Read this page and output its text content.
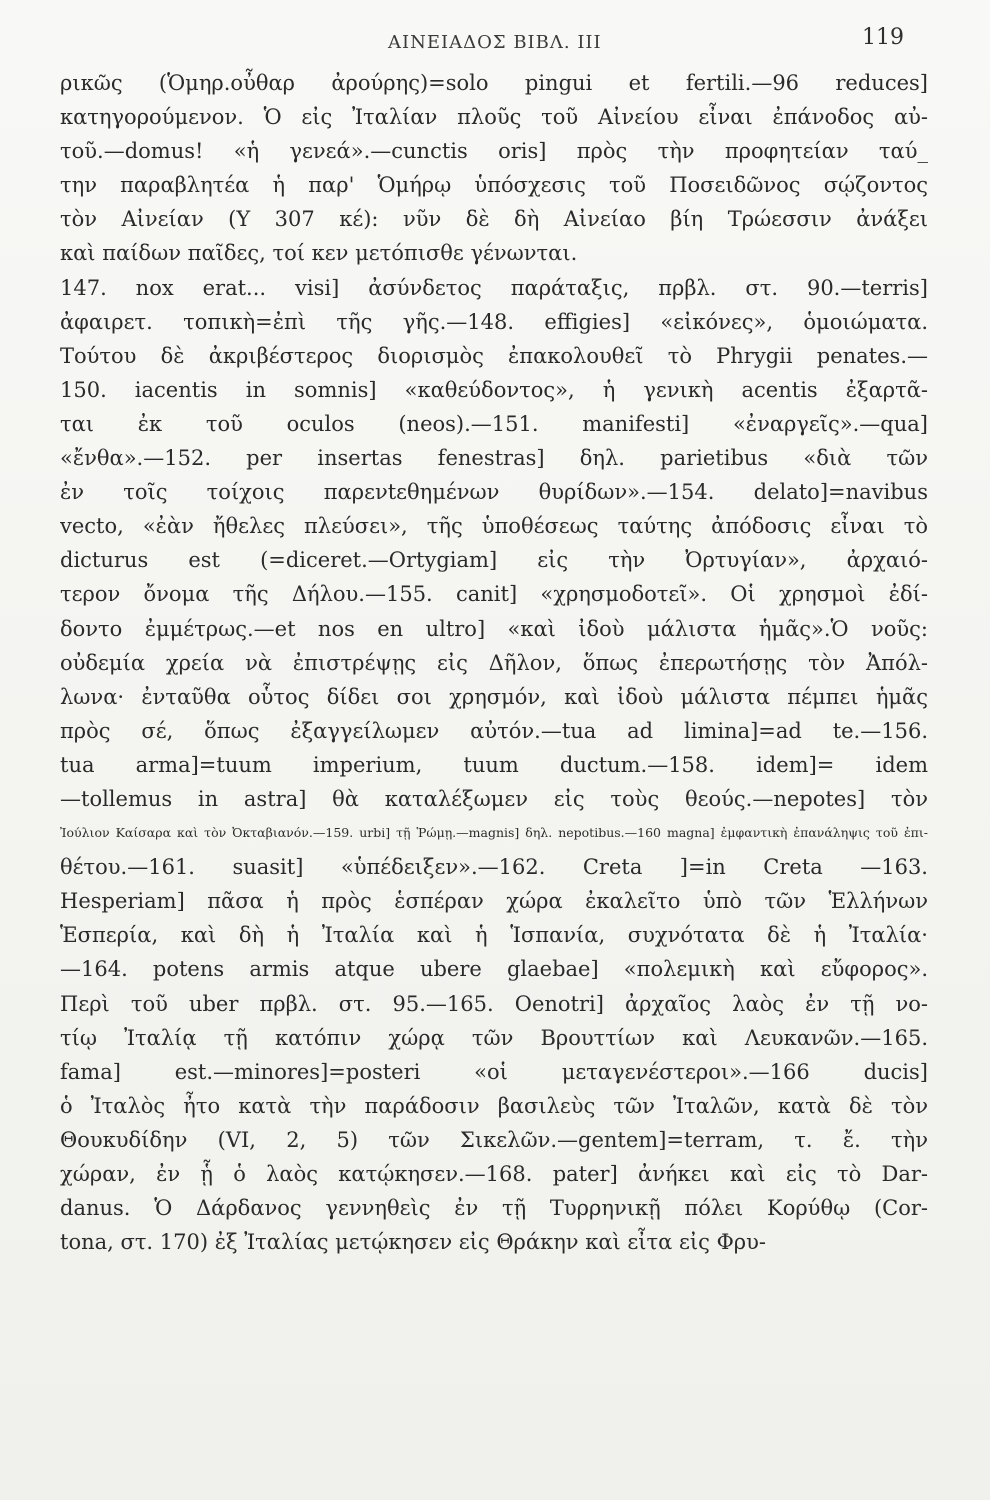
ΑΙΝΕΙΑΔΟΣ ΒΙΒΛ. ΙΙΙ	119
ρικῶς (Ὁμηρ.οὖθαρ ἀρούρης)=solo pingui et fertili.—96 reduces]
κατηγορούμενον. Ὁ εἰς Ἰταλίαν πλοῦς τοῦ Αἰνείου εἶναι ἐπάνοδος αὐ-
τοῦ.—domus! «ἡ γενεά».—cunctis oris] πρὸς τὴν προφητείαν ταύ_
την παραβλητέα ἡ παρ' Ὁμήρῳ ὑπόσχεσις τοῦ Ποσειδῶνος σῴζοντος
τὸν Αἰνείαν (Υ 307 κέ): νῦν δὲ δὴ Αἰνείαο βίη Τρώεσσιν ἀνάξει
καὶ παίδων παῖδες, τοί κεν μετόπισθε γένωνται.
147. nox erat... visi] ἀσύνδετος παράταξις, πρβλ. στ. 90.—terris]
ἀφαιρετ. τοπικὴ=ἐπὶ τῆς γῆς.—148. effigies] «εἰκόνες», ὁμοιώματα.
Τούτου δὲ ἀκριβέστερος διορισμὸς ἐπακολουθεῖ τὸ Phrygii penates.—
150. iacentis in somnis] «καθεύδοντος», ἡ γενικὴ acentis ἐξαρτᾶ-
ται ἐκ τοῦ oculos (neos).—151. manifesti] «ἐναργεῖς».—qua]
«ἔνθα».—152. per insertas fenestras] δηλ. parietibus «διὰ τῶν
ἐν τοῖς τοίχοις παρενtεθημένων θυρίδων».—154. delato]=navibus
vecto, «ἐὰν ἤθελες πλεύσει», τῆς ὑποθέσεως ταύτης ἀπόδοσις εἶναι τὸ
dicturus est (=diceret.—Ortygiam] εἰς τὴν Ὀρτυγίαν», ἀρχαιό-
τερον ὄνομα τῆς Δήλου.—155. canit] «χρησμοδοτεῖ». Οἱ χρησμοὶ ἐδί-
δοντο ἐμμέτρως.—et nos en ultro] «καὶ ἰδοὺ μάλιστα ἡμᾶς».Ὁ νοῦς:
οὐδεμία χρεία νὰ ἐπιστρέψῃς εἰς Δῆλον, ὅπως ἐπερωτήσῃς τὸν Ἀπόλ-
λωνα· ἐνταῦθα οὗτος δίδει σοι χρησμόν, καὶ ἰδοὺ μάλιστα πέμπει ἡμᾶς
πρὸς σέ, ὅπως ἐξαγγείλωμεν αὐτόν.—tua ad limina]=ad te.—156.
tua arma]=tuum imperium, tuum ductum.—158. idem]= idem
—tollemus in astra] θὰ καταλέξωμεν εἰς τοὺς θεούς.—nepotes] τὸν
Ἰούλιον Καίσαρα καὶ τὸν Ὀκταβιανόν.—159. urbi] τῇ Ῥώμῃ.—magnis] δηλ. nepotibus.—160 magna] ἐμφαντικὴ ἐπανάληψις τοῦ ἐπι-
θέτου.—161. suasit] «ὑπέδειξεν».—162. Creta ]=in Creta —163.
Hesperiam] πᾶσα ἡ πρὸς ἑσπέραν χώρα ἐκαλεῖτο ὑπὸ τῶν Ἑλλήνων
Ἑσπερία, καὶ δὴ ἡ Ἰταλία καὶ ἡ Ἱσπανία, συχνότατα δὲ ἡ Ἰταλία·
—164. potens armis atque ubere glaebae] «πολεμικὴ καὶ εὔφορος».
Περὶ τοῦ uber πρβλ. στ. 95.—165. Oenotri] ἀρχαῖος λαὸς ἐν τῇ νο-
τίῳ Ἰταλίᾳ τῇ κατόπιν χώρᾳ τῶν Βρουττίων καὶ Λευκανῶν.—165.
fama] est.—minores]=posteri «οἱ μεταγενέστεροι».—166 ducis]
ὁ Ἰταλὸς ἦτο κατὰ τὴν παράδοσιν βασιλεὺς τῶν Ἰταλῶν, κατὰ δὲ τὸν
Θουκυδίδην (VI, 2, 5) τῶν Σικελῶν.—gentem]=terram, τ. ἔ. τὴν
χώραν, ἐν ᾗ ὁ λαὸς κατῴκησεν.—168. pater] ἀνήκει καὶ εἰς τὸ Dar-
danus. Ὁ Δάρδανος γεννηθεὶς ἐν τῇ Τυρρηνικῇ πόλει Κορύθῳ (Cor-
tona, στ. 170) ἐξ Ἰταλίας μετῴκησεν εἰς Θράκην καὶ εἶτα εἰς Φρυ-
